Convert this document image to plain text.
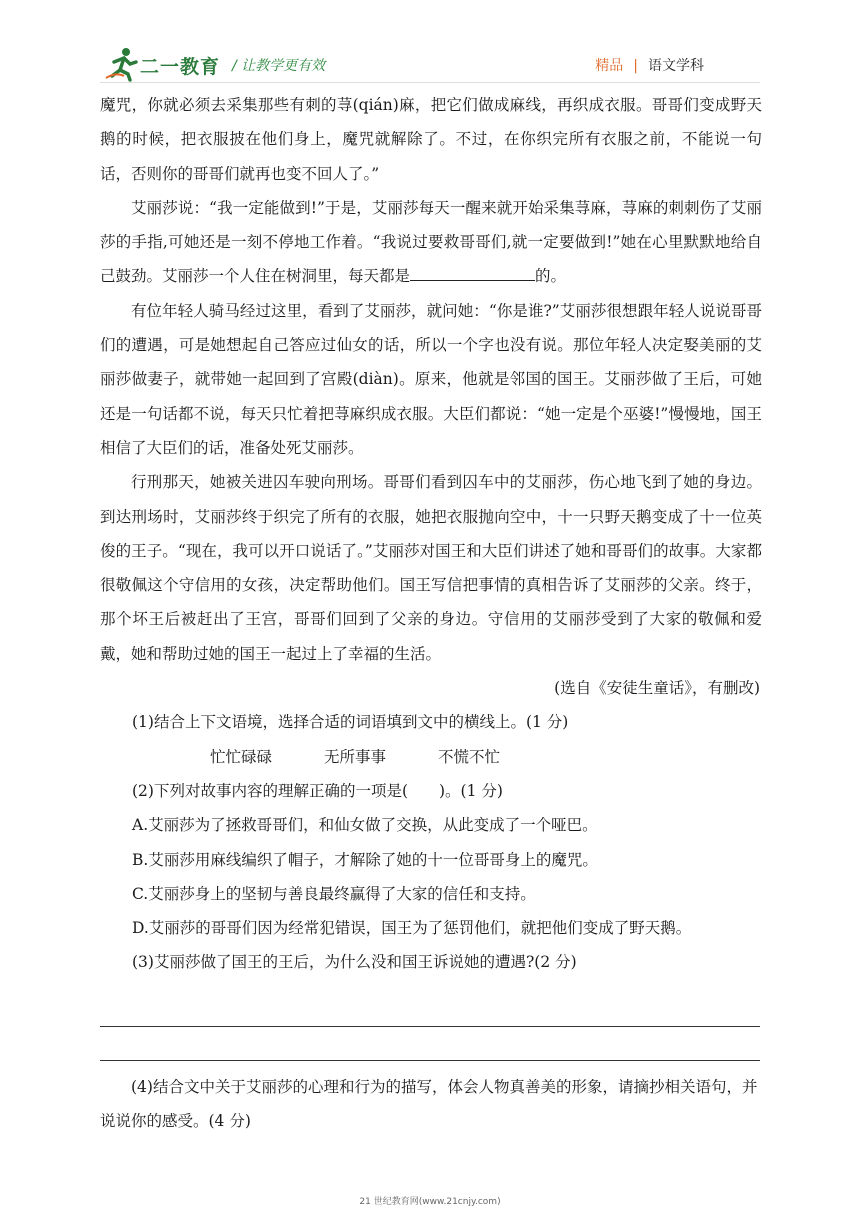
二一教育 / 让教学更有效	精品 | 语文学科

魔咒，你就必须去采集那些有刺的荨(qián)麻，把它们做成麻线，再织成衣服。哥哥们变成野天鹅的时候，把衣服披在他们身上，魔咒就解除了。不过，在你织完所有衣服之前，不能说一句话，否则你的哥哥们就再也变不回人了。”

艾丽莎说：“我一定能做到!”于是，艾丽莎每天一醒来就开始采集荨麻，荨麻的刺刺伤了艾丽莎的手指,可她还是一刻不停地工作着。“我说过要救哥哥们,就一定要做到!”她在心里默默地给自己鼓劲。艾丽莎一个人住在树洞里，每天都是	的。

有位年轻人骑马经过这里，看到了艾丽莎，就问她：“你是谁?”艾丽莎很想跟年轻人说说哥哥们的遭遇，可是她想起自己答应过仙女的话，所以一个字也没有说。那位年轻人决定娶美丽的艾丽莎做妻子，就带她一起回到了宫殿(diàn)。原来，他就是邻国的国王。艾丽莎做了王后，可她还是一句话都不说，每天只忙着把荨麻织成衣服。大臣们都说：“她一定是个巫婆!”慢慢地，国王相信了大臣们的话，准备处死艾丽莎。

行刑那天，她被关进囚车驶向刑场。哥哥们看到囚车中的艾丽莎，伤心地飞到了她的身边。到达刑场时，艾丽莎终于织完了所有的衣服，她把衣服抛向空中，十一只野天鹅变成了十一位英俊的王子。“现在，我可以开口说话了。”艾丽莎对国王和大臣们讲述了她和哥哥们的故事。大家都很敬佩这个守信用的女孩，决定帮助他们。国王写信把事情的真相告诉了艾丽莎的父亲。终于，那个坏王后被赶出了王宫，哥哥们回到了父亲的身边。守信用的艾丽莎受到了大家的敬佩和爱戴，她和帮助过她的国王一起过上了幸福的生活。

(选自《安徒生童话》，有删改)

(1)结合上下文语境，选择合适的词语填到文中的横线上。(1 分)

忙忙碌碌	无所事事	不慌不忙

(2)下列对故事内容的理解正确的一项是(　　)。(1 分)

A.艾丽莎为了拯救哥哥们，和仙女做了交换，从此变成了一个哑巴。

B.艾丽莎用麻线编织了帽子，才解除了她的十一位哥哥身上的魔咒。

C.艾丽莎身上的坚韧与善良最终赢得了大家的信任和支持。

D.艾丽莎的哥哥们因为经常犯错误，国王为了惩罚他们，就把他们变成了野天鹅。

(3)艾丽莎做了国王的王后，为什么没和国王诉说她的遭遇?(2 分)

(4)结合文中关于艾丽莎的心理和行为的描写，体会人物真善美的形象，请摘抄相关语句，并说说你的感受。(4 分)

21 世纪教育网(www.21cnjy.com)
